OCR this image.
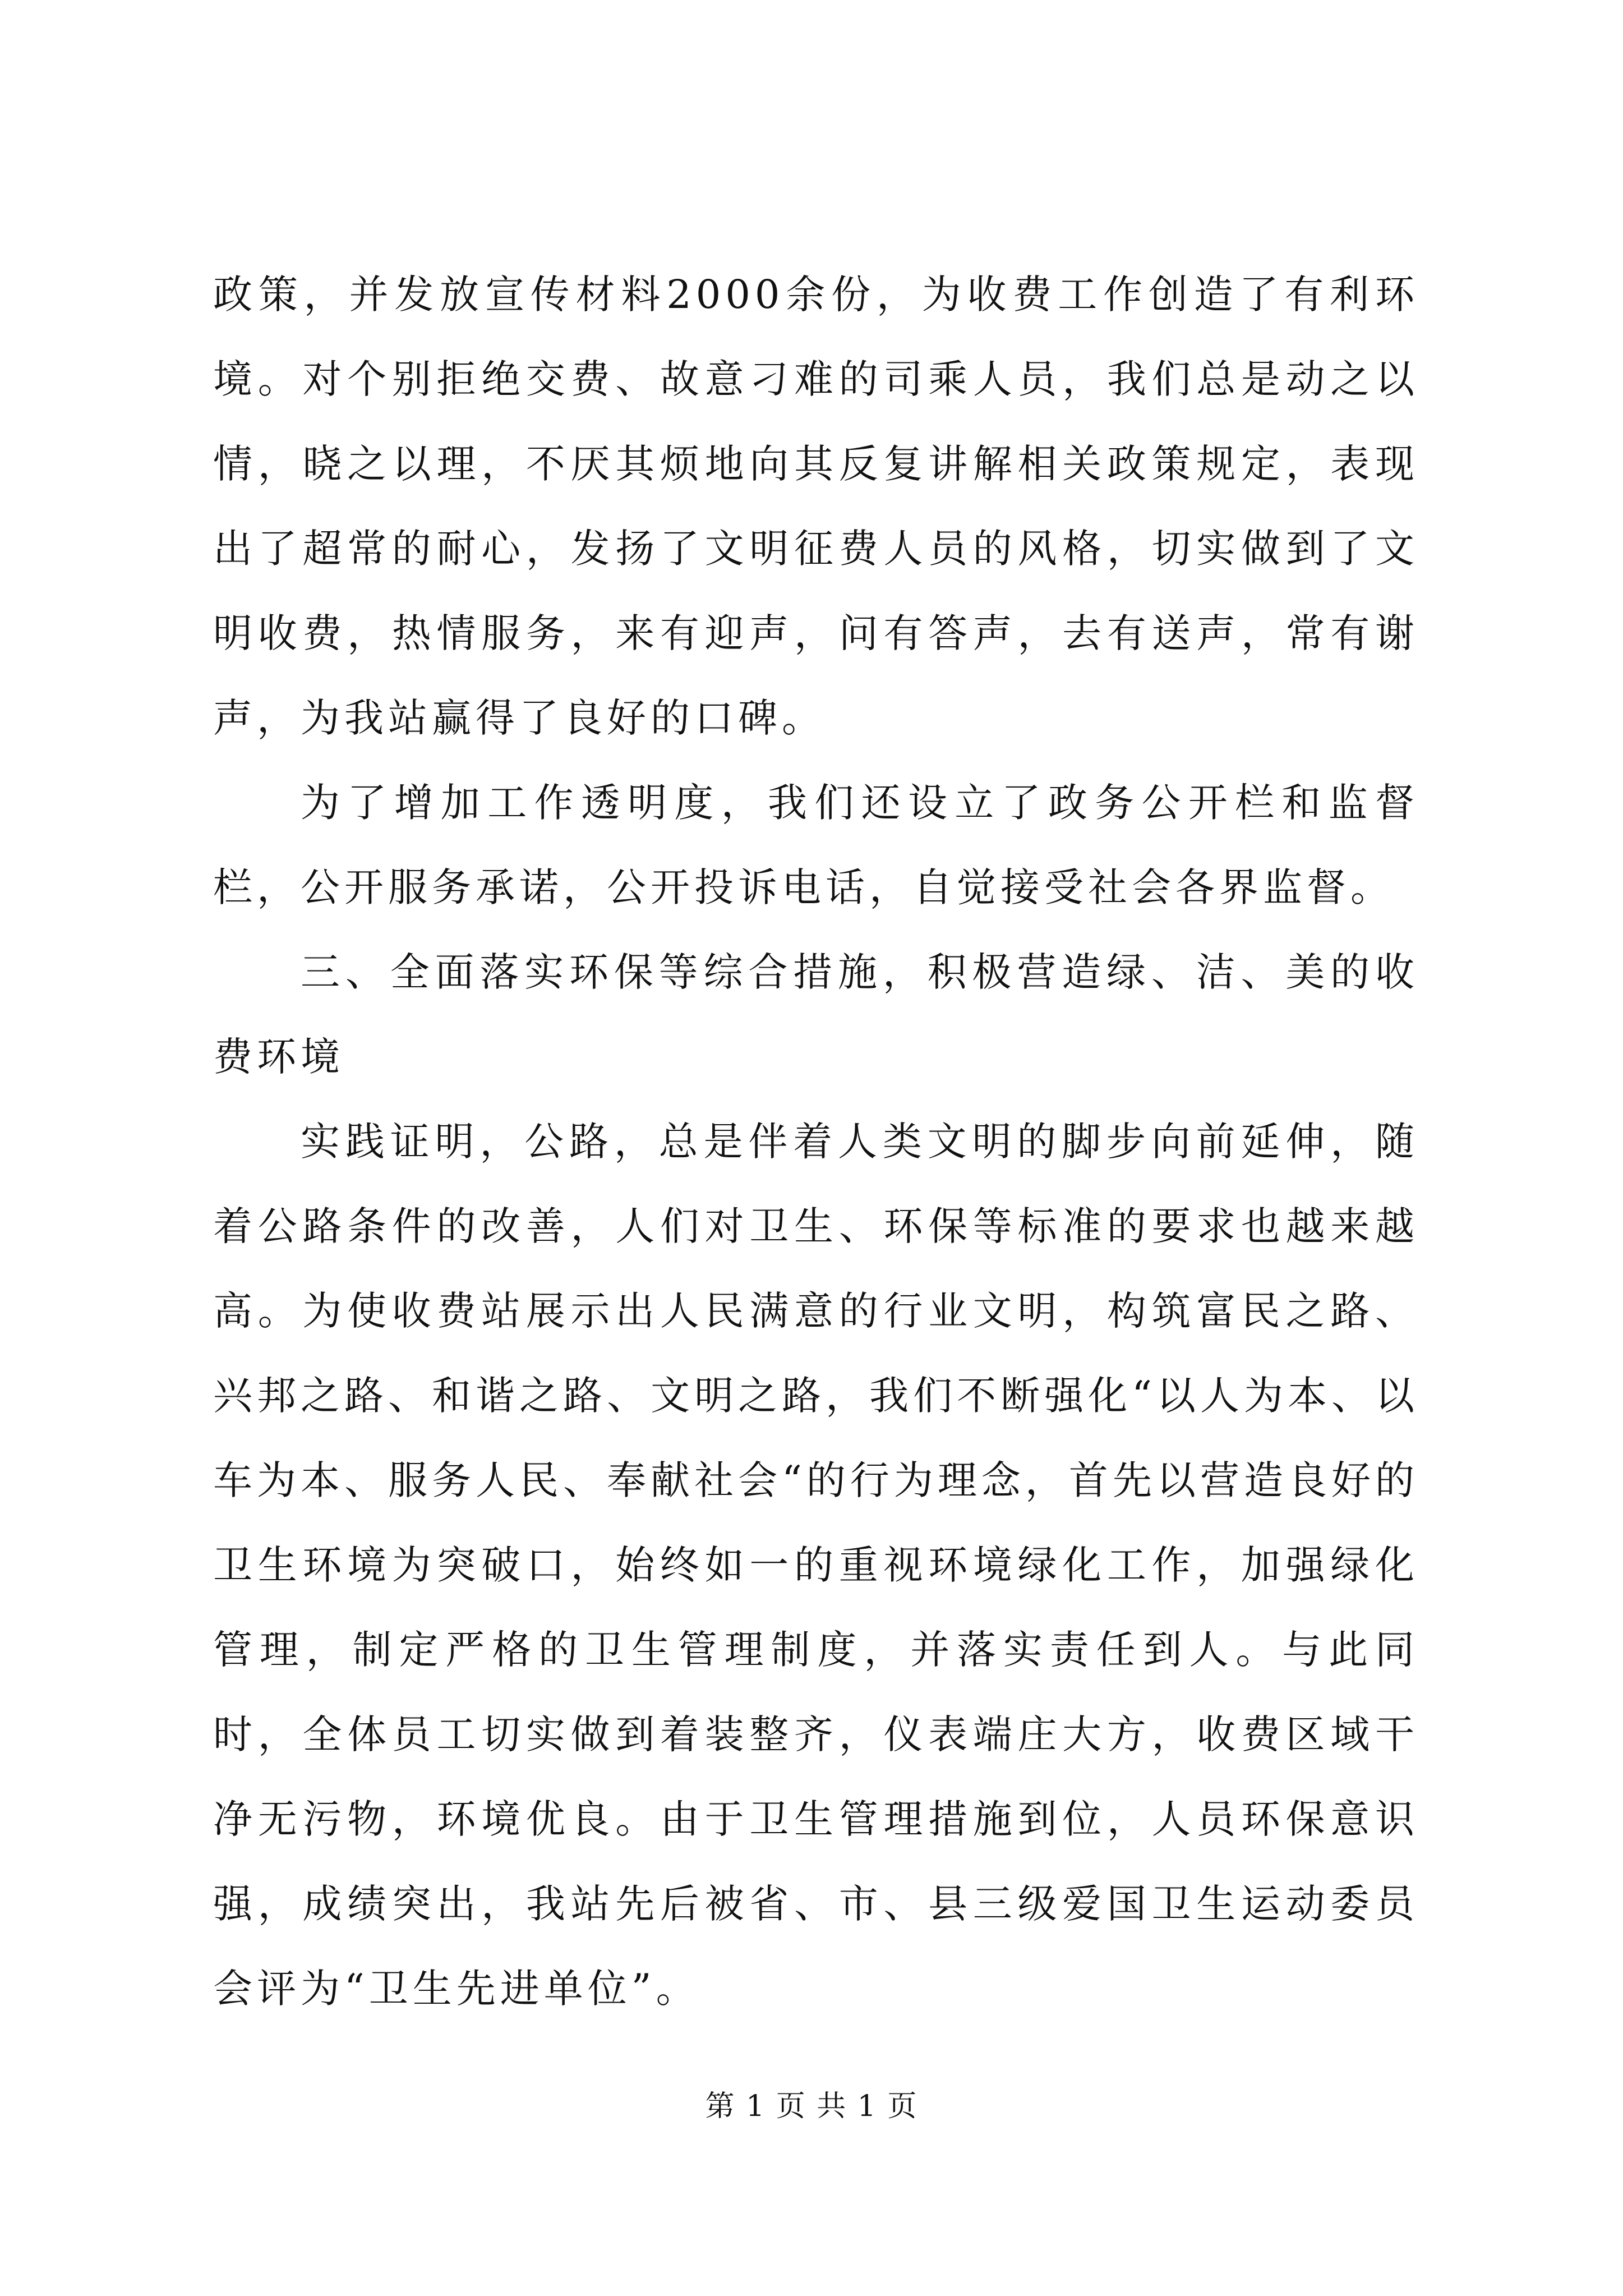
政策，并发放宣传材料2000余份，为收费工作创造了有利环境。对个别拒绝交费、故意刁难的司乘人员，我们总是动之以情，晓之以理，不厌其烦地向其反复讲解相关政策规定，表现出了超常的耐心，发扬了文明征费人员的风格，切实做到了文明收费，热情服务，来有迎声，问有答声，去有送声，常有谢声，为我站赢得了良好的口碑。

为了增加工作透明度，我们还设立了政务公开栏和监督栏，公开服务承诺，公开投诉电话，自觉接受社会各界监督。

三、全面落实环保等综合措施，积极营造绿、洁、美的收费环境

实践证明，公路，总是伴着人类文明的脚步向前延伸，随着公路条件的改善，人们对卫生、环保等标准的要求也越来越高。为使收费站展示出人民满意的行业文明，构筑富民之路、兴邦之路、和谐之路、文明之路，我们不断强化“以人为本、以车为本、服务人民、奉献社会“的行为理念，首先以营造良好的卫生环境为突破口，始终如一的重视环境绿化工作，加强绿化管理，制定严格的卫生管理制度，并落实责任到人。与此同时，全体员工切实做到着装整齐，仪表端庄大方，收费区域干净无污物，环境优良。由于卫生管理措施到位，人员环保意识强，成绩突出，我站先后被省、市、县三级爱国卫生运动委员会评为“卫生先进单位”。

第 1 页 共 1 页
